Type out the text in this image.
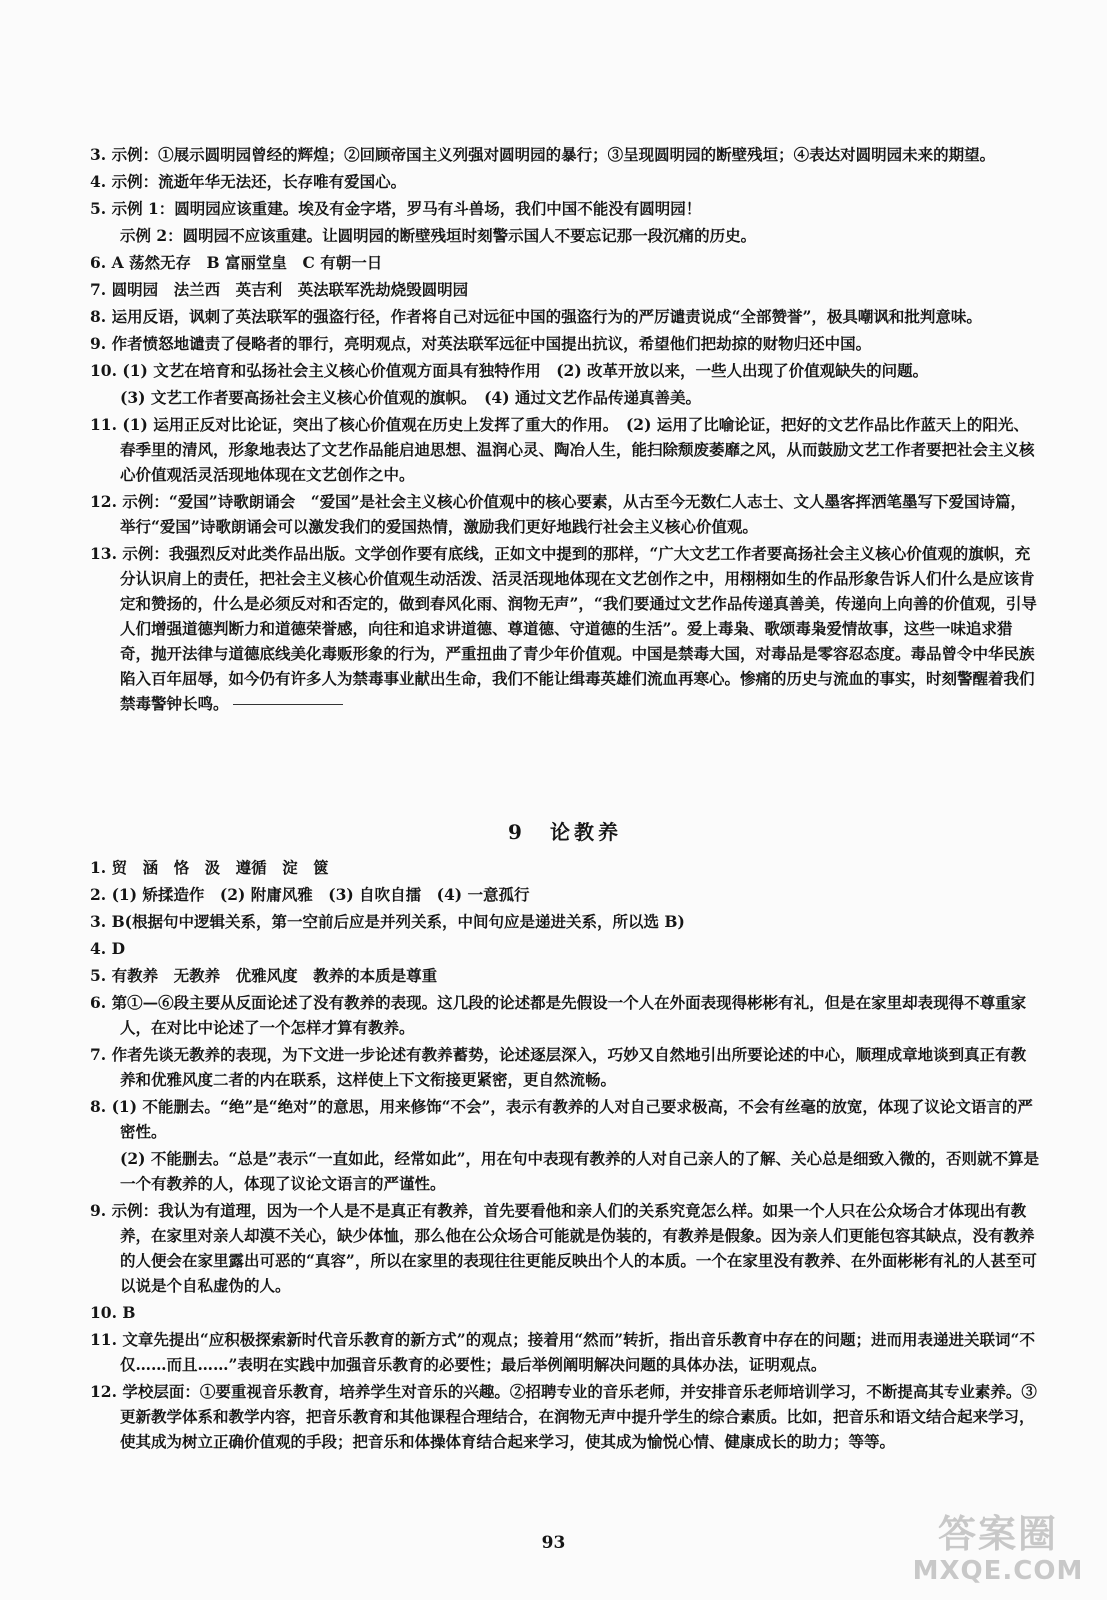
3. 示例：①展示圆明园曾经的辉煌；②回顾帝国主义列强对圆明园的暴行；③呈现圆明园的断壁残垣；④表达对圆明园未来的期望。

4. 示例：流逝年华无法还，长存唯有爱国心。

5. 示例 1：圆明园应该重建。埃及有金字塔，罗马有斗兽场，我们中国不能没有圆明园！

示例 2：圆明园不应该重建。让圆明园的断壁残垣时刻警示国人不要忘记那一段沉痛的历史。

6. A 荡然无存　B 富丽堂皇　C 有朝一日

7. 圆明园　法兰西　英吉利　英法联军洗劫烧毁圆明园

8. 运用反语，讽刺了英法联军的强盗行径，作者将自己对远征中国的强盗行为的严厉谴责说成“全部赞誉”，极具嘲讽和批判意味。

9. 作者愤怒地谴责了侵略者的罪行，亮明观点，对英法联军远征中国提出抗议，希望他们把劫掠的财物归还中国。

10. (1) 文艺在培育和弘扬社会主义核心价值观方面具有独特作用　(2) 改革开放以来，一些人出现了价值观缺失的问题。

(3) 文艺工作者要高扬社会主义核心价值观的旗帜。　(4) 通过文艺作品传递真善美。

11. (1) 运用正反对比论证，突出了核心价值观在历史上发挥了重大的作用。　(2) 运用了比喻论证，把好的文艺作品比作蓝天上的阳光、春季里的清风，形象地表达了文艺作品能启迪思想、温润心灵、陶冶人生，能扫除颓废萎靡之风，从而鼓励文艺工作者要把社会主义核心价值观活灵活现地体现在文艺创作之中。

12. 示例：“爱国”诗歌朗诵会　“爱国”是社会主义核心价值观中的核心要素，从古至今无数仁人志士、文人墨客挥洒笔墨写下爱国诗篇，举行“爱国”诗歌朗诵会可以激发我们的爱国热情，激励我们更好地践行社会主义核心价值观。

13. 示例：我强烈反对此类作品出版。文学创作要有底线，正如文中提到的那样，“广大文艺工作者要高扬社会主义核心价值观的旗帜，充分认识肩上的责任，把社会主义核心价值观生动活泼、活灵活现地体现在文艺创作之中，用栩栩如生的作品形象告诉人们什么是应该肯定和赞扬的，什么是必须反对和否定的，做到春风化雨、润物无声”，“我们要通过文艺作品传递真善美，传递向上向善的价值观，引导人们增强道德判断力和道德荣誉感，向往和追求讲道德、尊道德、守道德的生活”。爱上毒枭、歌颂毒枭爱情故事，这些一味追求猎奇，抛开法律与道德底线美化毒贩形象的行为，严重扭曲了青少年价值观。中国是禁毒大国，对毒品是零容忍态度。毒品曾令中华民族陷入百年屈辱，如今仍有许多人为禁毒事业献出生命，我们不能让缉毒英雄们流血再寒心。惨痛的历史与流血的事实，时刻警醒着我们禁毒警钟长鸣。

9　论教养

1. 贸　涵　恪　汲　遵循　淀　篋

2. (1) 矫揉造作　(2) 附庸风雅　(3) 自吹自擂　(4) 一意孤行

3. B(根据句中逻辑关系，第一空前后应是并列关系，中间句应是递进关系，所以选 B)

4. D

5. 有教养　无教养　优雅风度　教养的本质是尊重

6. 第①—⑥段主要从反面论述了没有教养的表现。这几段的论述都是先假设一个人在外面表现得彬彬有礼，但是在家里却表现得不尊重家人，在对比中论述了一个怎样才算有教养。

7. 作者先谈无教养的表现，为下文进一步论述有教养蓄势，论述逐层深入，巧妙又自然地引出所要论述的中心，顺理成章地谈到真正有教养和优雅风度二者的内在联系，这样使上下文衔接更紧密，更自然流畅。

8. (1) 不能删去。“绝”是“绝对”的意思，用来修饰“不会”，表示有教养的人对自己要求极高，不会有丝毫的放宽，体现了议论文语言的严密性。

(2) 不能删去。“总是”表示“一直如此，经常如此”，用在句中表现有教养的人对自己亲人的了解、关心总是细致入微的，否则就不算是一个有教养的人，体现了议论文语言的严谨性。

9. 示例：我认为有道理，因为一个人是不是真正有教养，首先要看他和亲人们的关系究竟怎么样。如果一个人只在公众场合才体现出有教养，在家里对亲人却漠不关心，缺少体恤，那么他在公众场合可能就是伪装的，有教养是假象。因为亲人们更能包容其缺点，没有教养的人便会在家里露出可恶的“真容”，所以在家里的表现往往更能反映出个人的本质。一个在家里没有教养、在外面彬彬有礼的人甚至可以说是个自私虚伪的人。

10. B

11. 文章先提出“应积极探索新时代音乐教育的新方式”的观点；接着用“然而”转折，指出音乐教育中存在的问题；进而用表递进关联词“不仅……而且……”表明在实践中加强音乐教育的必要性；最后举例阐明解决问题的具体办法，证明观点。

12. 学校层面：①要重视音乐教育，培养学生对音乐的兴趣。②招聘专业的音乐老师，并安排音乐老师培训学习，不断提高其专业素养。③更新教学体系和教学内容，把音乐教育和其他课程合理结合，在润物无声中提升学生的综合素质。比如，把音乐和语文结合起来学习，使其成为树立正确价值观的手段；把音乐和体操体育结合起来学习，使其成为愉悦心情、健康成长的助力；等等。

93	答案圈
MXQE.COM
